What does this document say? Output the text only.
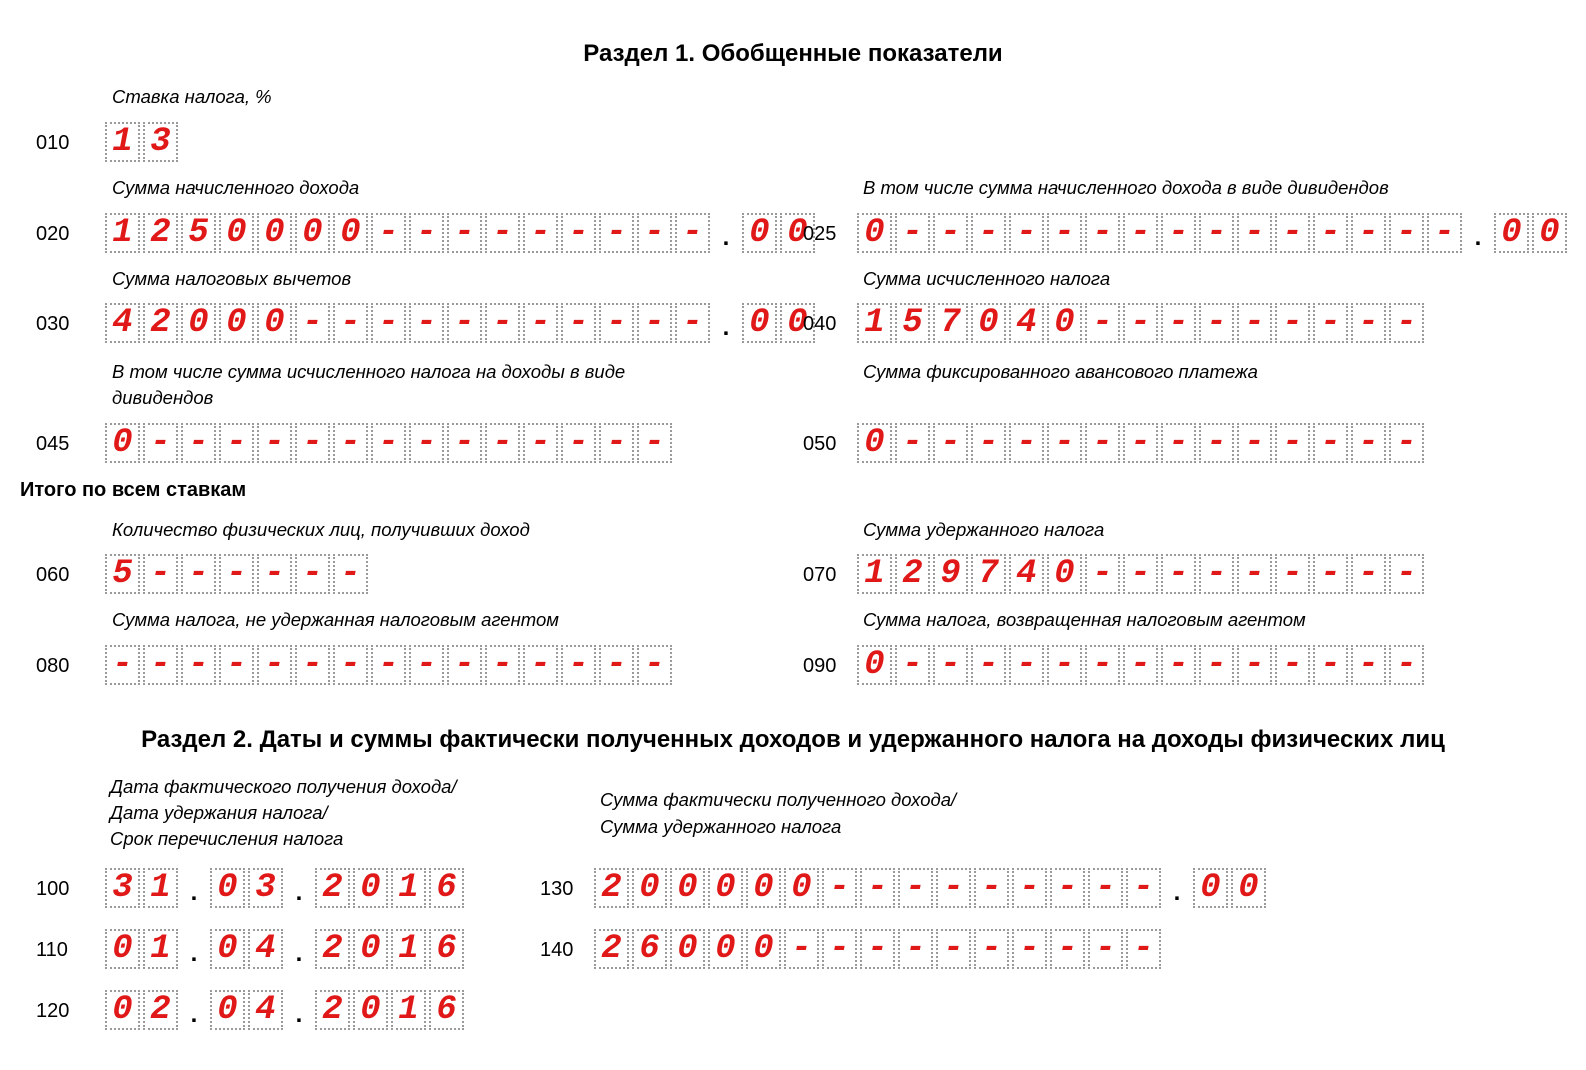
Раздел 1. Обобщенные показатели
Ставка налога, %
010 1 3
Сумма начисленного дохода	В том числе сумма начисленного дохода в виде дивидендов
020 1 2 5 0 0 0 0 - - - - - - - - - . 0 0
025 0 - - - - - - - - - - - - - - - . 0 0
Сумма налоговых вычетов	Сумма исчисленного налога
030 4 2 0 0 0 - - - - - - - - - - - . 0 0
040 1 5 7 0 4 0 - - - - - - - - -
В том числе сумма исчисленного налога на доходы в виде
дивидендов
Сумма фиксированного авансового платежа
045 0 - - - - - - - - - - - - - -	050 0 - - - - - - - - - - - - - -
Итого по всем ставкам
Количество физических лиц, получивших доход	Сумма удержанного налога
060 5 - - - - - -	070 1 2 9 7 4 0 - - - - - - - - -
Сумма налога, не удержанная налоговым агентом	Сумма налога, возвращенная налоговым агентом
080 - - - - - - - - - - - - - - -	090 0 - - - - - - - - - - - - - -
Раздел 2. Даты и суммы фактически полученных доходов и удержанного налога на доходы физических лиц
Дата фактического получения дохода/
Дата удержания налога/
Срок перечисления налога
Сумма фактически полученного дохода/
Сумма удержанного налога
100 3 1 . 0 3 . 2 0 1 6	130 2 0 0 0 0 0 - - - - - - - - - . 0 0
110 0 1 . 0 4 . 2 0 1 6	140 2 6 0 0 0 - - - - - - - - - -
120 0 2 . 0 4 . 2 0 1 6
